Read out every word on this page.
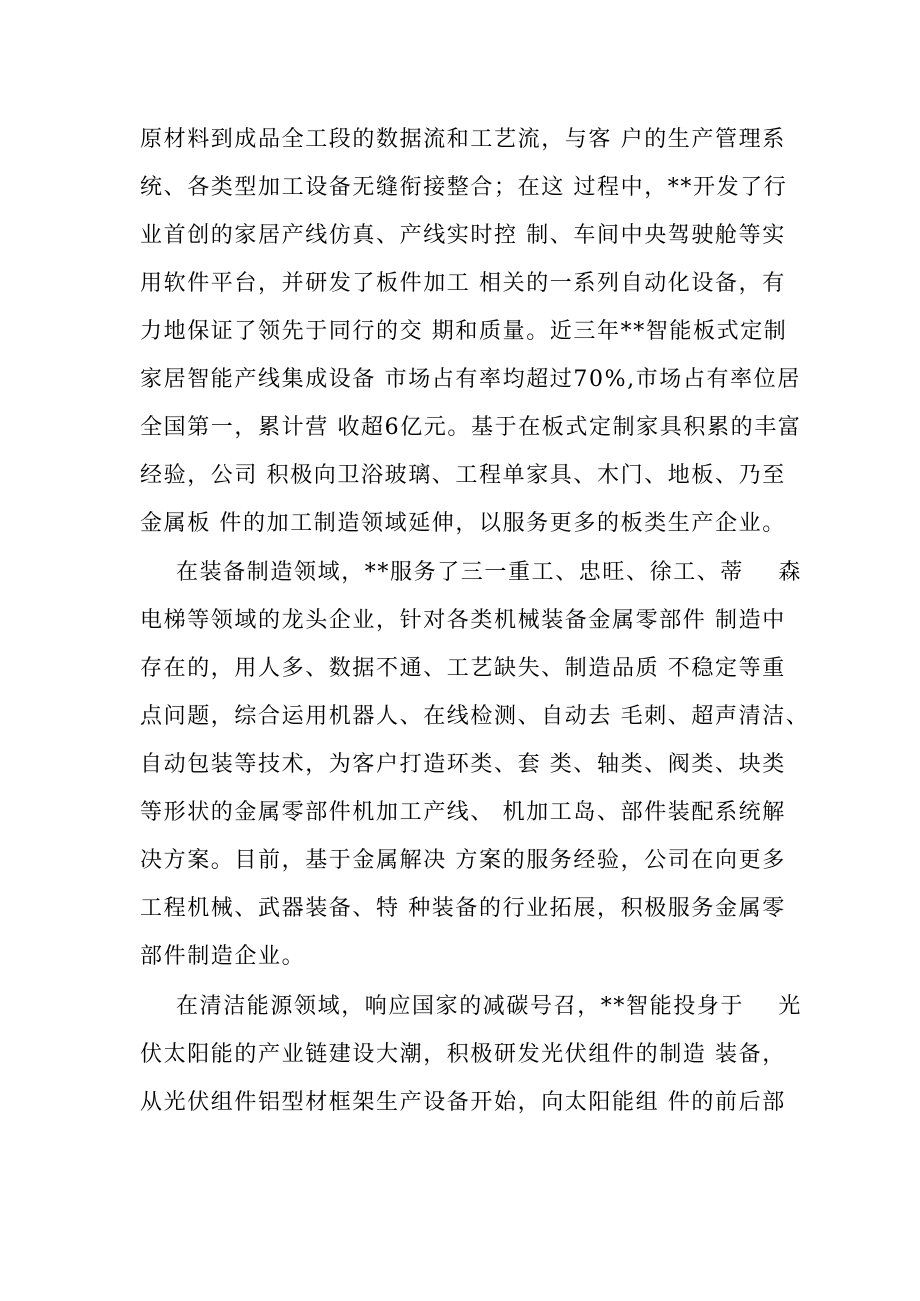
原材料到成品全工段的数据流和工艺流，与客 户的生产管理系
统、各类型加工设备无缝衔接整合；在这 过程中，**开发了行
业首创的家居产线仿真、产线实时控 制、车间中央驾驶舱等实
用软件平台，并研发了板件加工 相关的一系列自动化设备，有
力地保证了领先于同行的交 期和质量。近三年**智能板式定制
家居智能产线集成设备 市场占有率均超过70%,市场占有率位居
全国第一，累计营 收超6亿元。基于在板式定制家具积累的丰富
经验，公司 积极向卫浴玻璃、工程单家具、木门、地板、乃至
金属板 件的加工制造领域延伸，以服务更多的板类生产企业。
在装备制造领域，**服务了三一重工、忠旺、徐工、蒂    森
电梯等领域的龙头企业，针对各类机械装备金属零部件 制造中
存在的，用人多、数据不通、工艺缺失、制造品质 不稳定等重
点问题，综合运用机器人、在线检测、自动去 毛刺、超声清洁、
自动包装等技术，为客户打造环类、套 类、轴类、阀类、块类
等形状的金属零部件机加工产线、 机加工岛、部件装配系统解
决方案。目前，基于金属解决 方案的服务经验，公司在向更多
工程机械、武器装备、特 种装备的行业拓展，积极服务金属零
部件制造企业。
在清洁能源领域，响应国家的减碳号召，**智能投身于    光
伏太阳能的产业链建设大潮，积极研发光伏组件的制造 装备，
从光伏组件铝型材框架生产设备开始，向太阳能组 件的前后部
